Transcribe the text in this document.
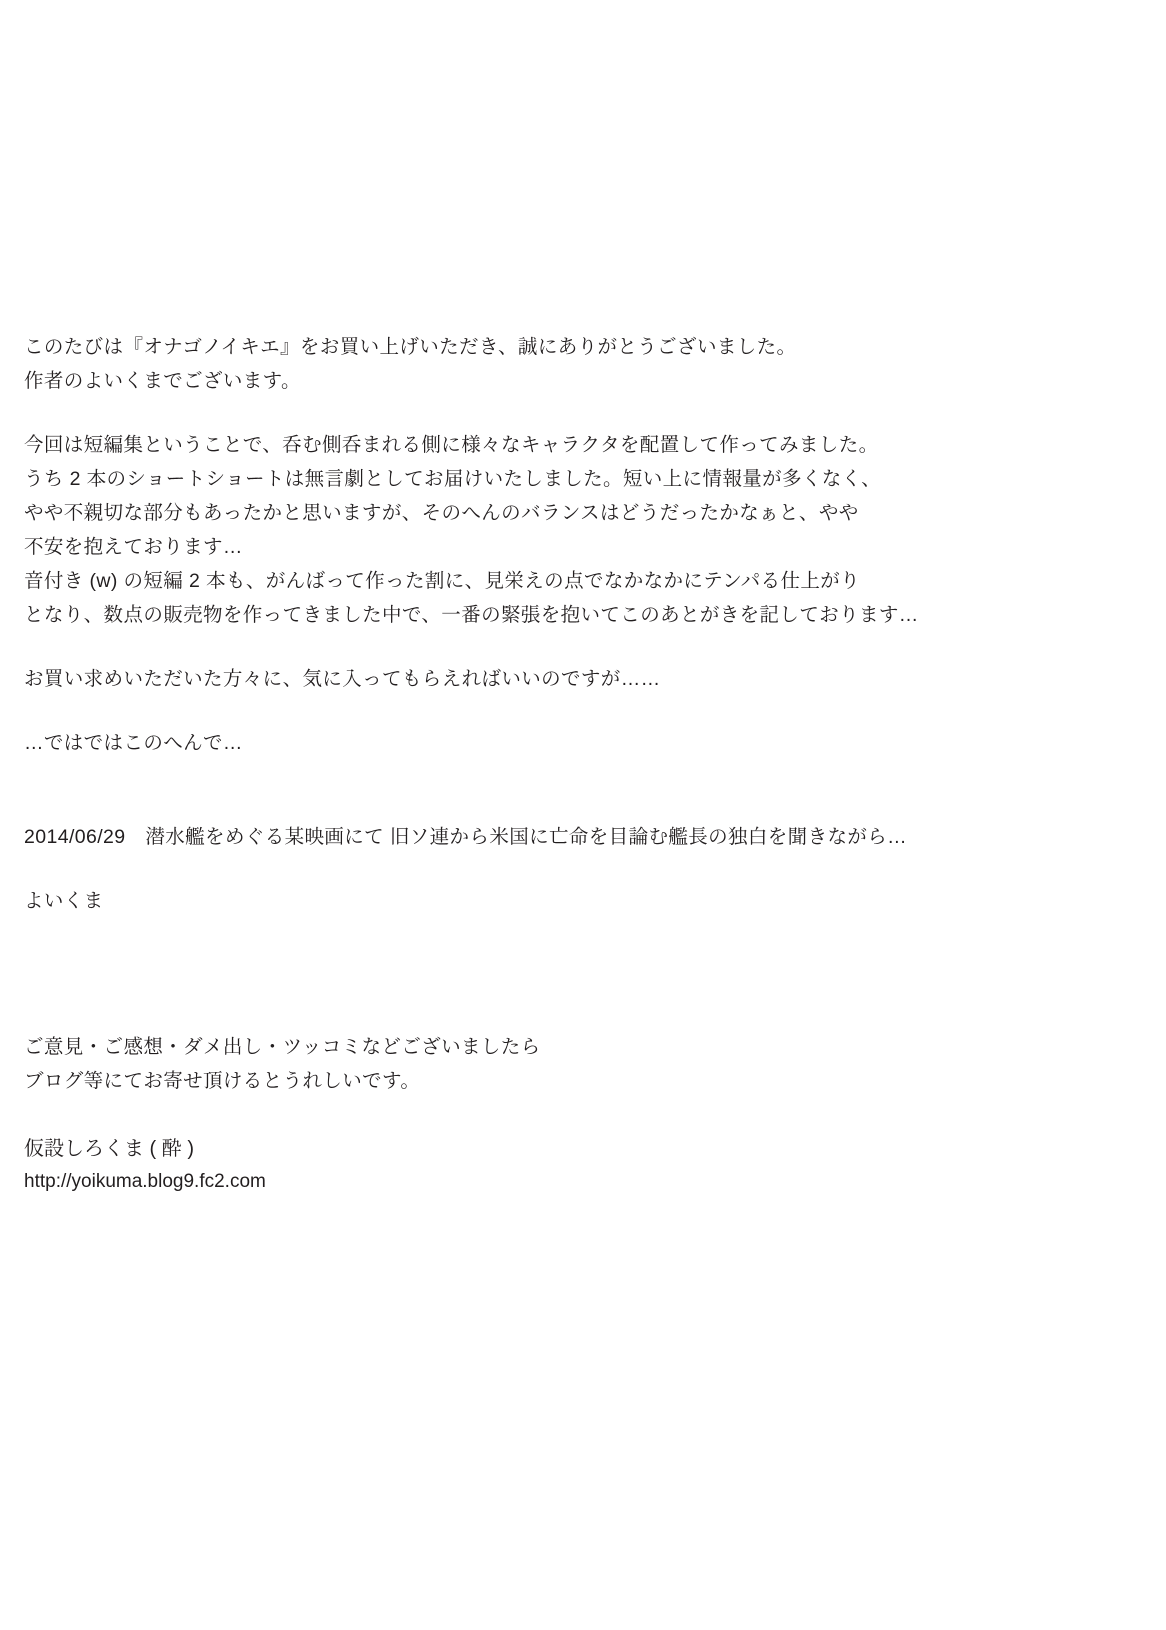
このたびは『オナゴノイキエ』をお買い上げいただき、誠にありがとうございました。

作者のよいくまでございます。

今回は短編集ということで、呑む側呑まれる側に様々なキャラクタを配置して作ってみました。

うち 2 本のショートショートは無言劇としてお届けいたしました。短い上に情報量が多くなく、

やや不親切な部分もあったかと思いますが、そのへんのバランスはどうだったかなぁと、やや

不安を抱えております…

音付き (w) の短編 2 本も、がんばって作った割に、見栄えの点でなかなかにテンパる仕上がり

となり、数点の販売物を作ってきました中で、一番の緊張を抱いてこのあとがきを記しております…

お買い求めいただいた方々に、気に入ってもらえればいいのですが……

…ではではこのへんで…

2014/06/29　潜水艦をめぐる某映画にて 旧ソ連から米国に亡命を目論む艦長の独白を聞きながら…

よいくま

ご意見・ご感想・ダメ出し・ツッコミなどございましたら

ブログ等にてお寄せ頂けるとうれしいです。

仮設しろくま ( 酔 )

http://yoikuma.blog9.fc2.com
